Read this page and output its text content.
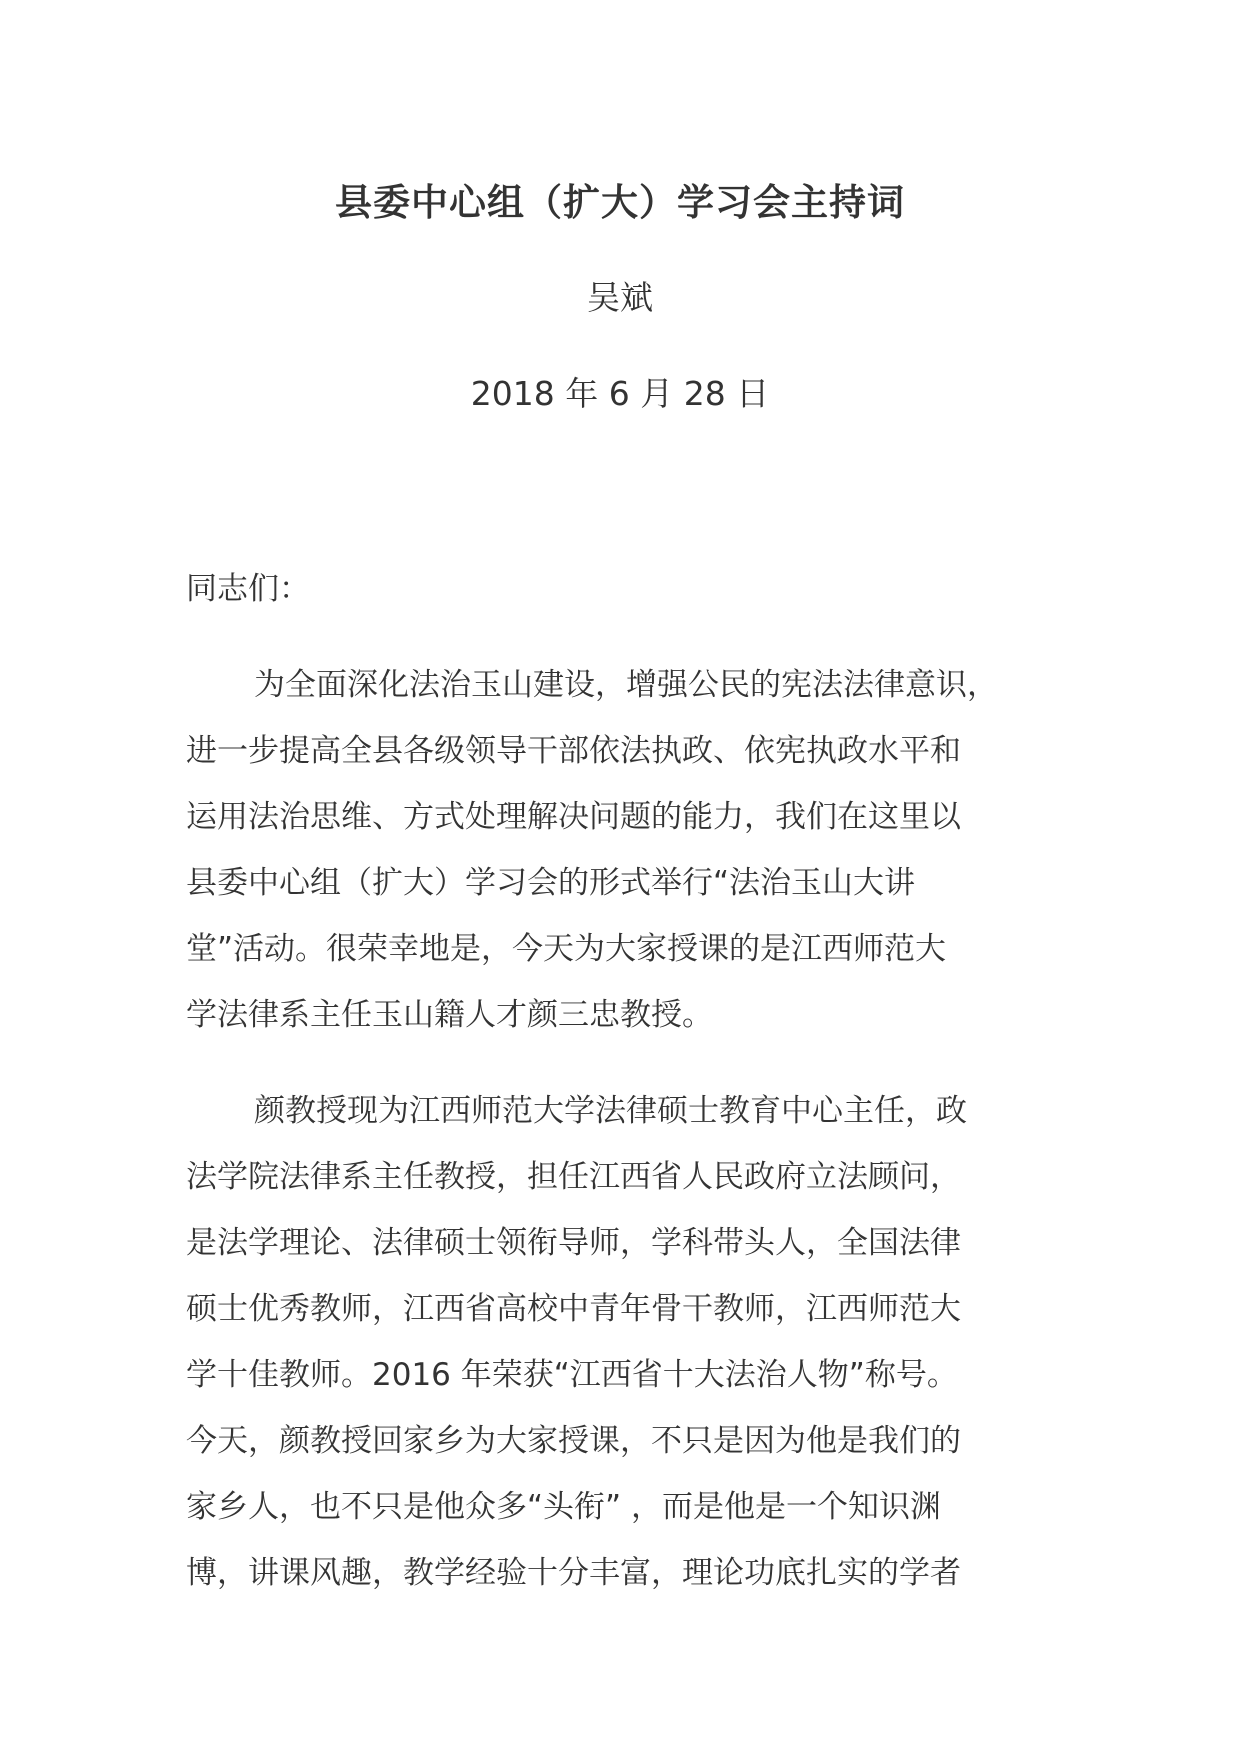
县委中心组（扩大）学习会主持词
吴斌
2018 年 6 月 28 日
同志们：
为全面深化法治玉山建设，增强公民的宪法法律意识，
进一步提高全县各级领导干部依法执政、依宪执政水平和
运用法治思维、方式处理解决问题的能力，我们在这里以
县委中心组（扩大）学习会的形式举行“法治玉山大讲
堂”活动。很荣幸地是，今天为大家授课的是江西师范大
学法律系主任玉山籍人才颜三忠教授。
颜教授现为江西师范大学法律硕士教育中心主任，政
法学院法律系主任教授，担任江西省人民政府立法顾问，
是法学理论、法律硕士领衔导师，学科带头人，全国法律
硕士优秀教师，江西省高校中青年骨干教师，江西师范大
学十佳教师。2016 年荣获“江西省十大法治人物”称号。
今天，颜教授回家乡为大家授课，不只是因为他是我们的
家乡人，也不只是他众多“头衔” ，而是他是一个知识渊
博，讲课风趣，教学经验十分丰富，理论功底扎实的学者
